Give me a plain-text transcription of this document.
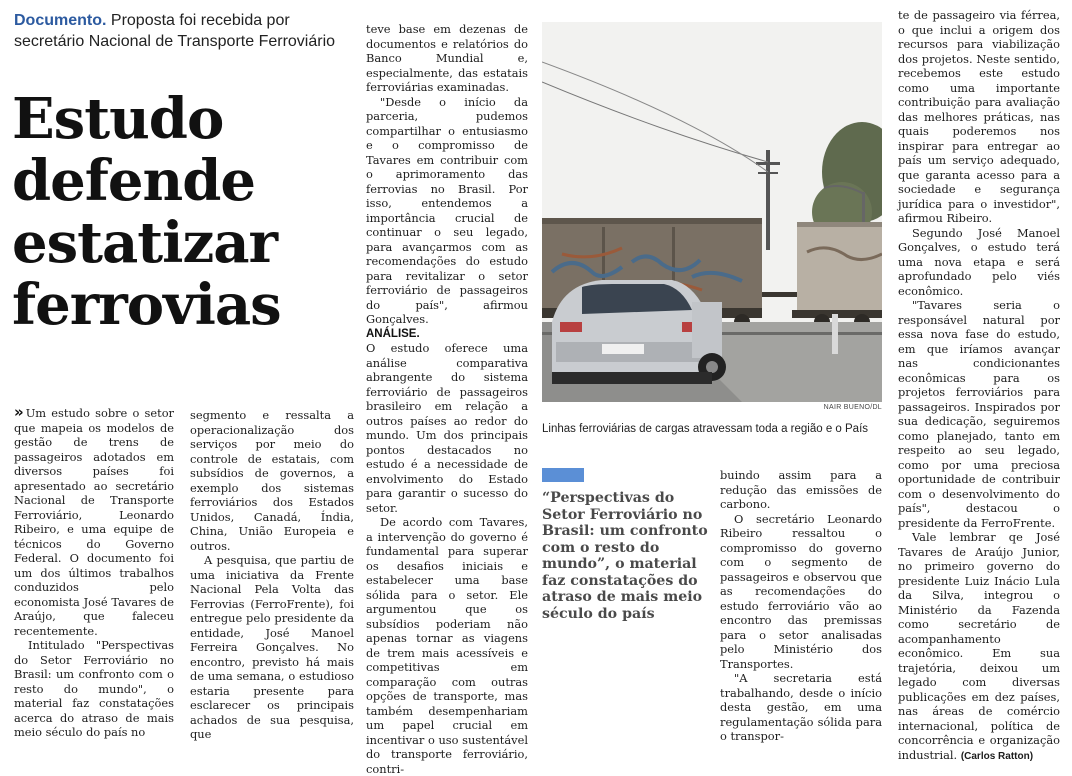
Documento. Proposta foi recebida por secretário Nacional de Transporte Ferroviário
Estudo
defende
estatizar
ferrovias

» Um estudo sobre o setor que mapeia os modelos de gestão de trens de passageiros adotados em diversos países foi apresentado ao secretário Nacional de Transporte Ferroviário, Leonardo Ribeiro, e uma equipe de técnicos do Governo Federal. O documento foi um dos últimos trabalhos conduzidos pelo economista José Tavares de Araújo, que faleceu recentemente.

Intitulado "Perspectivas do Setor Ferroviário no Brasil: um confronto com o resto do mundo", o material faz constatações acerca do atraso de mais meio século do país no

segmento e ressalta a operacionalização dos serviços por meio do controle de estatais, com subsídios de governos, a exemplo dos sistemas ferroviários dos Estados Unidos, Canadá, Índia, China, União Europeia e outros.

A pesquisa, que partiu de uma iniciativa da Frente Nacional Pela Volta das Ferrovias (FerroFrente), foi entregue pelo presidente da entidade, José Manoel Ferreira Gonçalves. No encontro, previsto há mais de uma semana, o estudioso estaria presente para esclarecer os principais achados de sua pesquisa, que

teve base em dezenas de documentos e relatórios do Banco Mundial e, especialmente, das estatais ferroviárias examinadas.

"Desde o início da parceria, pudemos compartilhar o entusiasmo e o compromisso de Tavares em contribuir com o aprimoramento das ferrovias no Brasil. Por isso, entendemos a importância crucial de continuar o seu legado, para avançarmos com as recomendações do estudo para revitalizar o setor ferroviário de passageiros do país", afirmou Gonçalves.

ANÁLISE.

O estudo oferece uma análise comparativa abrangente do sistema ferroviário de passageiros brasileiro em relação a outros países ao redor do mundo. Um dos principais pontos destacados no estudo é a necessidade de envolvimento do Estado para garantir o sucesso do setor.

De acordo com Tavares, a intervenção do governo é fundamental para superar os desafios iniciais e estabelecer uma base sólida para o setor. Ele argumentou que os subsídios poderiam não apenas tornar as viagens de trem mais acessíveis e competitivas em comparação com outras opções de transporte, mas também desempenhariam um papel crucial em incentivar o uso sustentável do transporte ferroviário, contri-

NAIR BUENO/DL
Linhas ferroviárias de cargas atravessam toda a região e o País
“Perspectivas do Setor Ferroviário no Brasil: um confronto com o resto do mundo”, o material faz constatações do atraso de mais meio século do país

buindo assim para a redução das emissões de carbono.

O secretário Leonardo Ribeiro ressaltou o compromisso do governo com o segmento de passageiros e observou que as recomendações do estudo ferroviário vão ao encontro das premissas para o setor analisadas pelo Ministério dos Transportes.

"A secretaria está trabalhando, desde o início desta gestão, em uma regulamentação sólida para o transpor-

te de passageiro via férrea, o que inclui a origem dos recursos para viabilização dos projetos. Neste sentido, recebemos este estudo como uma importante contribuição para avaliação das melhores práticas, nas quais poderemos nos inspirar para entregar ao país um serviço adequado, que garanta acesso para a sociedade e segurança jurídica para o investidor", afirmou Ribeiro.

Segundo José Manoel Gonçalves, o estudo terá uma nova etapa e será aprofundado pelo viés econômico.

"Tavares seria o responsável natural por essa nova fase do estudo, em que iríamos avançar nas condicionantes econômicas para os projetos ferroviários para passageiros. Inspirados por sua dedicação, seguiremos como planejado, tanto em respeito ao seu legado, como por uma preciosa oportunidade de contribuir com o desenvolvimento do país", destacou o presidente da FerroFrente.

Vale lembrar qe José Tavares de Araújo Junior, no primeiro governo do presidente Luiz Inácio Lula da Silva, integrou o Ministério da Fazenda como secretário de acompanhamento econômico. Em sua trajetória, deixou um legado com diversas publicações em dez países, nas áreas de comércio internacional, política de concorrência e organização industrial. (Carlos Ratton)
